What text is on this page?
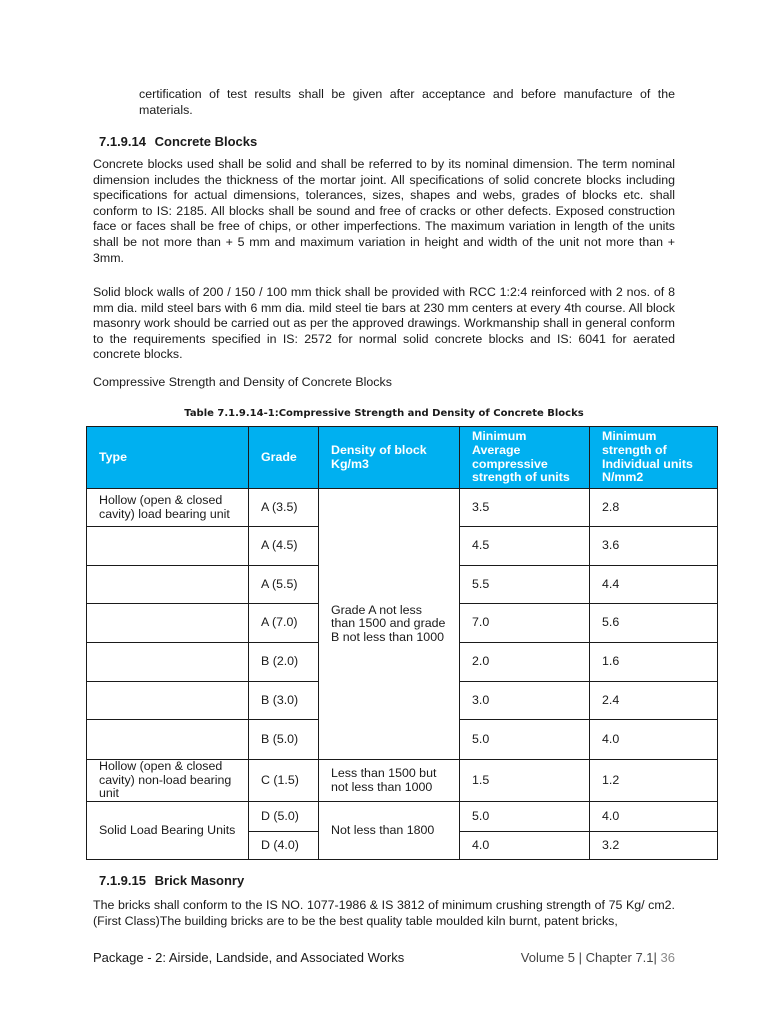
certification of test results shall be given after acceptance and before manufacture of the materials.

7.1.9.14 Concrete Blocks

Concrete blocks used shall be solid and shall be referred to by its nominal dimension. The term nominal dimension includes the thickness of the mortar joint. All specifications of solid concrete blocks including specifications for actual dimensions, tolerances, sizes, shapes and webs, grades of blocks etc. shall conform to IS: 2185. All blocks shall be sound and free of cracks or other defects. Exposed construction face or faces shall be free of chips, or other imperfections. The maximum variation in length of the units shall be not more than + 5 mm and maximum variation in height and width of the unit not more than + 3mm.

Solid block walls of 200 / 150 / 100 mm thick shall be provided with RCC 1:2:4 reinforced with 2 nos. of 8 mm dia. mild steel bars with 6 mm dia. mild steel tie bars at 230 mm centers at every 4th course. All block masonry work should be carried out as per the approved drawings. Workmanship shall in general conform to the requirements specified in IS: 2572 for normal solid concrete blocks and IS: 6041 for aerated concrete blocks.

Compressive Strength and Density of Concrete Blocks

Table 7.1.9.14-1:Compressive Strength and Density of Concrete Blocks

Type	Grade	Density of block Kg/m3	Minimum Average compressive strength of units	Minimum strength of Individual units N/mm2
Hollow (open & closed cavity) load bearing unit	A (3.5)	Grade A not less than 1500 and grade B not less than 1000	3.5	2.8
	A (4.5)		4.5	3.6
	A (5.5)		5.5	4.4
	A (7.0)		7.0	5.6
	B (2.0)		2.0	1.6
	B (3.0)		3.0	2.4
	B (5.0)		5.0	4.0
Hollow (open & closed cavity) non-load bearing unit	C (1.5)	Less than 1500 but not less than 1000	1.5	1.2
Solid Load Bearing Units	D (5.0)	Not less than 1800	5.0	4.0
	D (4.0)		4.0	3.2
7.1.9.15 Brick Masonry

The bricks shall conform to the IS NO. 1077-1986 & IS 3812 of minimum crushing strength of 75 Kg/ cm2. (First Class)The building bricks are to be the best quality table moulded kiln burnt, patent bricks,

Package - 2: Airside, Landside, and Associated Works	Volume 5 | Chapter 7.1| 36
